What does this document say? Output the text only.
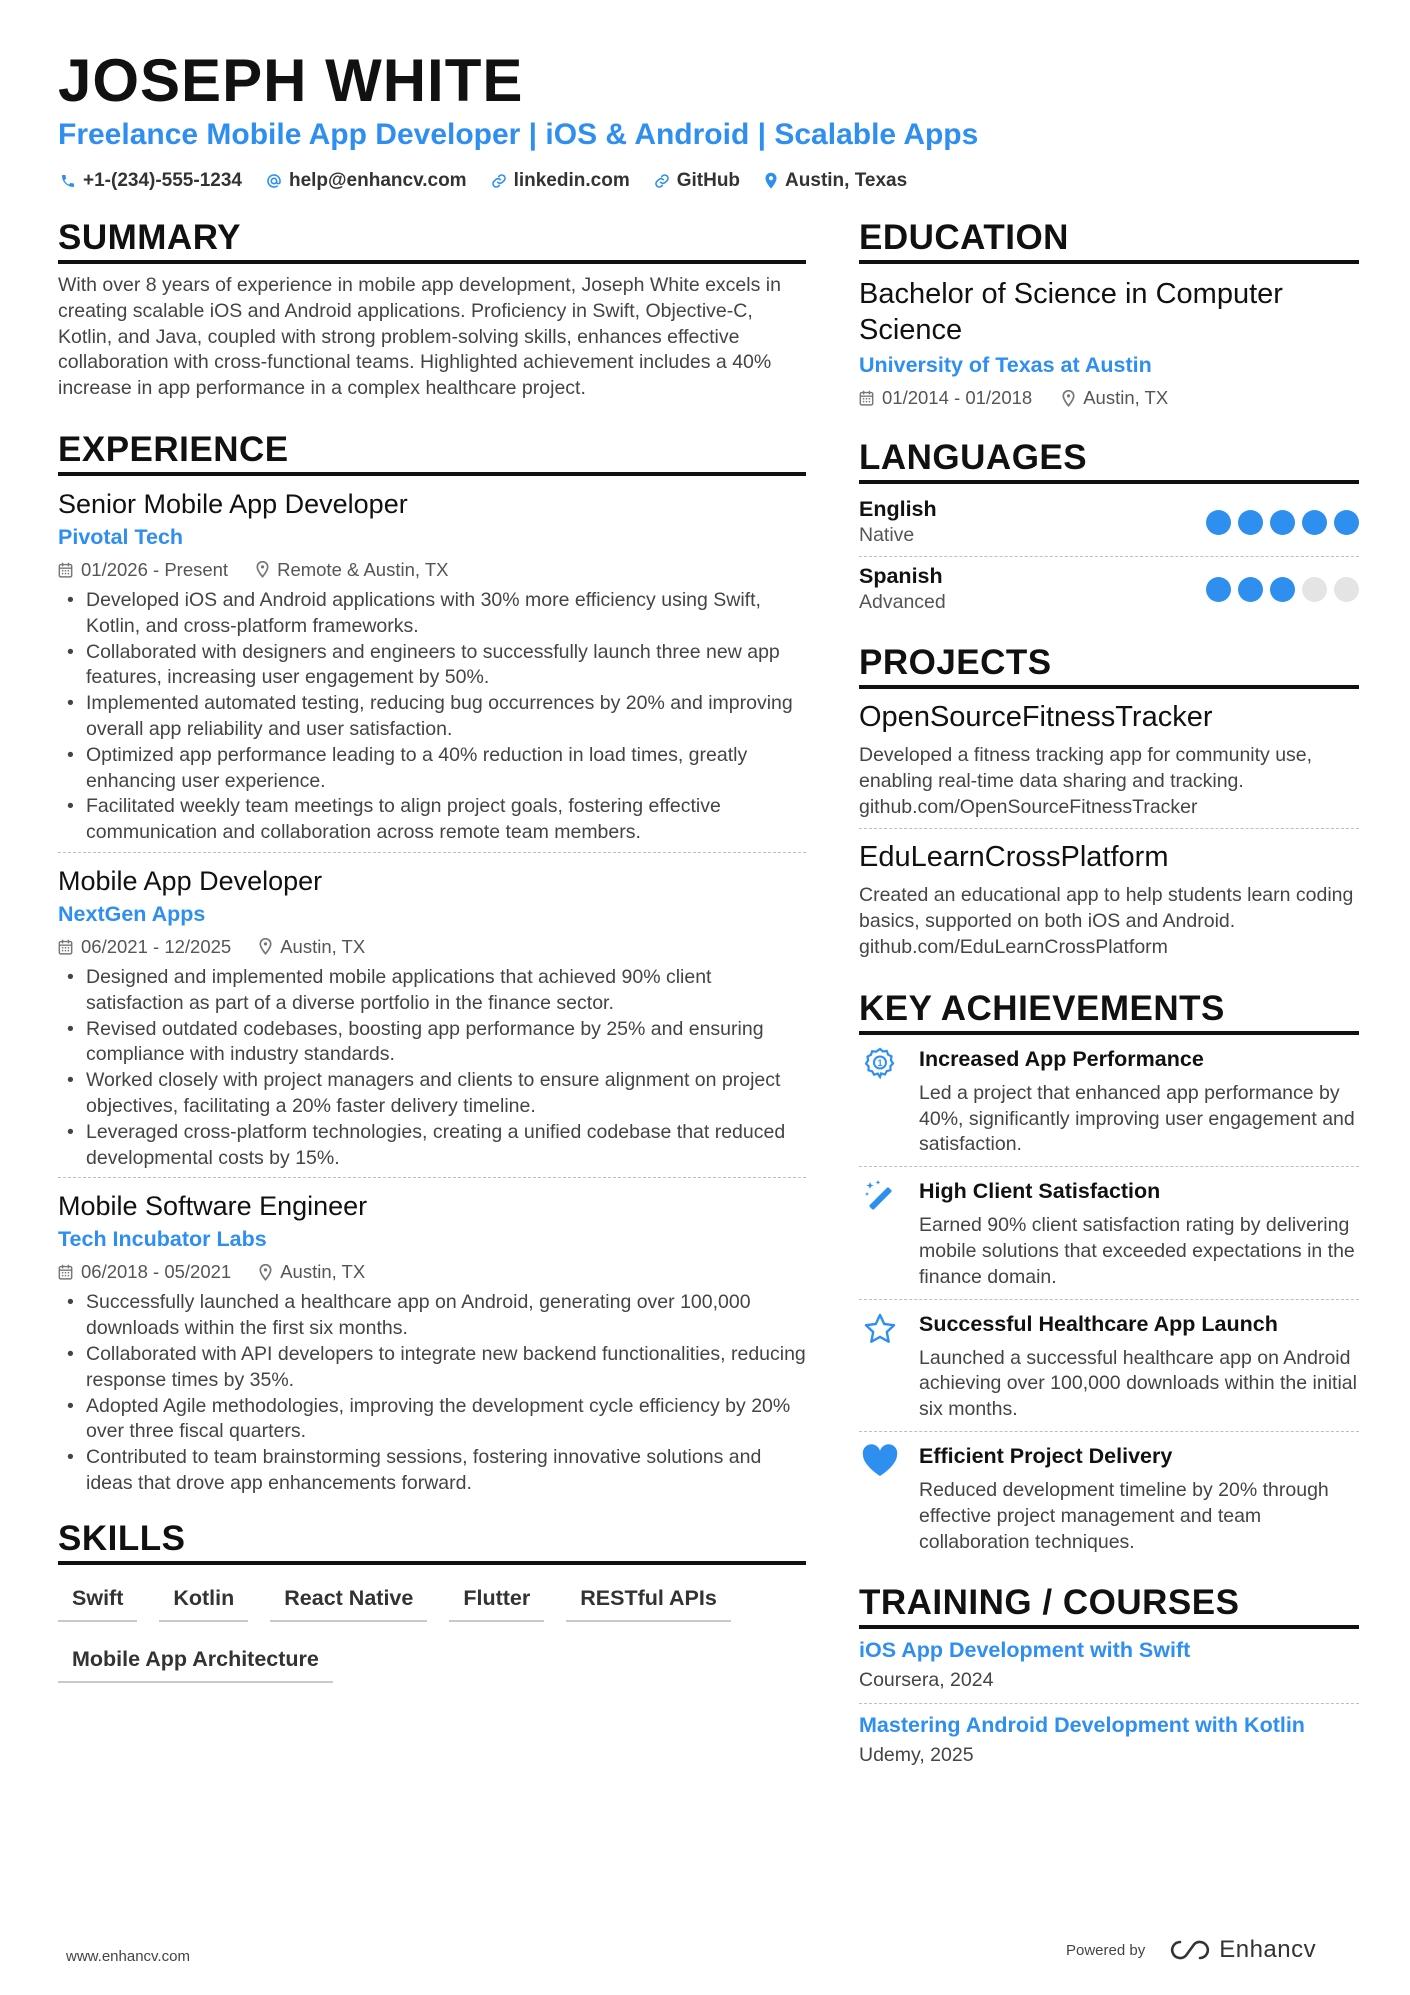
JOSEPH WHITE
Freelance Mobile App Developer | iOS & Android | Scalable Apps
+1-(234)-555-1234 help@enhancv.com linkedin.com GitHub Austin, Texas
SUMMARY

With over 8 years of experience in mobile app development, Joseph White excels in creating scalable iOS and Android applications. Proficiency in Swift, Objective-C, Kotlin, and Java, coupled with strong problem-solving skills, enhances effective collaboration with cross-functional teams. Highlighted achievement includes a 40% increase in app performance in a complex healthcare project.

EXPERIENCE
Senior Mobile App Developer
Pivotal Tech
01/2026 - Present	Remote & Austin, TX
• Developed iOS and Android applications with 30% more efficiency using Swift, Kotlin, and cross-platform frameworks.
• Collaborated with designers and engineers to successfully launch three new app features, increasing user engagement by 50%.
• Implemented automated testing, reducing bug occurrences by 20% and improving overall app reliability and user satisfaction.
• Optimized app performance leading to a 40% reduction in load times, greatly enhancing user experience.
• Facilitated weekly team meetings to align project goals, fostering effective communication and collaboration across remote team members.
Mobile App Developer
NextGen Apps
06/2021 - 12/2025	Austin, TX
• Designed and implemented mobile applications that achieved 90% client satisfaction as part of a diverse portfolio in the finance sector.
• Revised outdated codebases, boosting app performance by 25% and ensuring compliance with industry standards.
• Worked closely with project managers and clients to ensure alignment on project objectives, facilitating a 20% faster delivery timeline.
• Leveraged cross-platform technologies, creating a unified codebase that reduced developmental costs by 15%.
Mobile Software Engineer
Tech Incubator Labs
06/2018 - 05/2021	Austin, TX
• Successfully launched a healthcare app on Android, generating over 100,000 downloads within the first six months.
• Collaborated with API developers to integrate new backend functionalities, reducing response times by 35%.
• Adopted Agile methodologies, improving the development cycle efficiency by 20% over three fiscal quarters.
• Contributed to team brainstorming sessions, fostering innovative solutions and ideas that drove app enhancements forward.
SKILLS
Swift	Kotlin	React Native	Flutter	RESTful APIs
Mobile App Architecture
EDUCATION
Bachelor of Science in Computer Science
University of Texas at Austin
01/2014 - 01/2018	Austin, TX
LANGUAGES
English
Native
Spanish
Advanced
PROJECTS
OpenSourceFitnessTracker

Developed a fitness tracking app for community use, enabling real-time data sharing and tracking. github.com/OpenSourceFitnessTracker

EduLearnCrossPlatform

Created an educational app to help students learn coding basics, supported on both iOS and Android. github.com/EduLearnCrossPlatform

KEY ACHIEVEMENTS
1 Increased App Performance

Led a project that enhanced app performance by 40%, significantly improving user engagement and satisfaction.

High Client Satisfaction

Earned 90% client satisfaction rating by delivering mobile solutions that exceeded expectations in the finance domain.

Successful Healthcare App Launch

Launched a successful healthcare app on Android achieving over 100,000 downloads within the initial six months.

Efficient Project Delivery

Reduced development timeline by 20% through effective project management and team collaboration techniques.

TRAINING / COURSES
iOS App Development with Swift
Coursera, 2024
Mastering Android Development with Kotlin
Udemy, 2025
www.enhancv.com	Powered by	Enhancv
